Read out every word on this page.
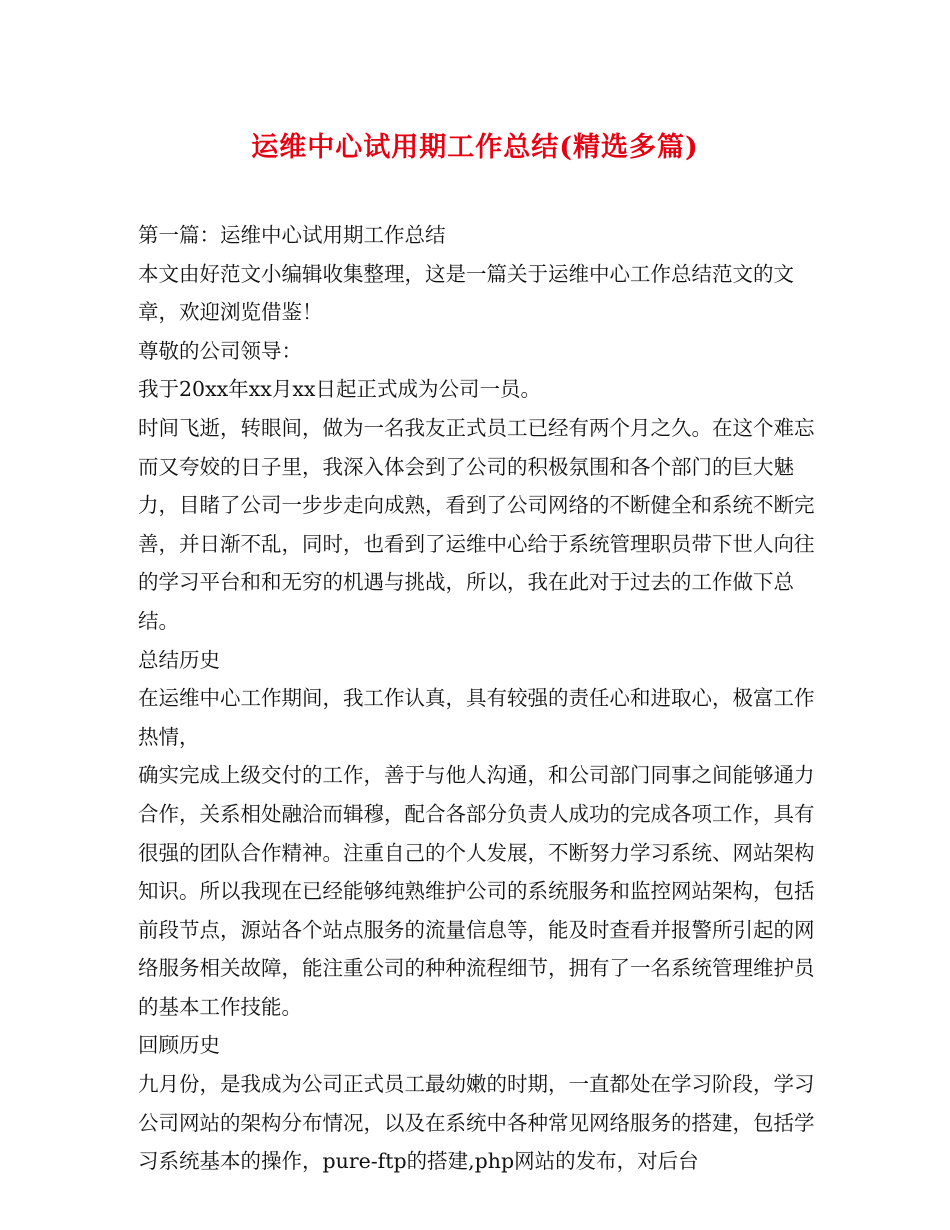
运维中心试用期工作总结(精选多篇)

第一篇：运维中心试用期工作总结

本文由好范文小编辑收集整理，这是一篇关于运维中心工作总结范文的文章，欢迎浏览借鉴！

尊敬的公司领导：

我于20xx年xx月xx日起正式成为公司一员。

时间飞逝，转眼间，做为一名我友正式员工已经有两个月之久。在这个难忘而又夸姣的日子里，我深入体会到了公司的积极氛围和各个部门的巨大魅力，目睹了公司一步步走向成熟，看到了公司网络的不断健全和系统不断完善，并日渐不乱，同时，也看到了运维中心给于系统管理职员带下世人向往的学习平台和和无穷的机遇与挑战，所以，我在此对于过去的工作做下总结。

总结历史

在运维中心工作期间，我工作认真，具有较强的责任心和进取心，极富工作热情，

确实完成上级交付的工作，善于与他人沟通，和公司部门同事之间能够通力合作，关系相处融洽而辑穆，配合各部分负责人成功的完成各项工作，具有很强的团队合作精神。注重自己的个人发展，不断努力学习系统、网站架构知识。所以我现在已经能够纯熟维护公司的系统服务和监控网站架构，包括前段节点，源站各个站点服务的流量信息等，能及时查看并报警所引起的网络服务相关故障，能注重公司的种种流程细节，拥有了一名系统管理维护员的基本工作技能。

回顾历史

九月份，是我成为公司正式员工最幼嫩的时期，一直都处在学习阶段，学习公司网站的架构分布情况，以及在系统中各种常见网络服务的搭建，包括学习系统基本的操作，pure-ftp的搭建,php网站的发布，对后台
